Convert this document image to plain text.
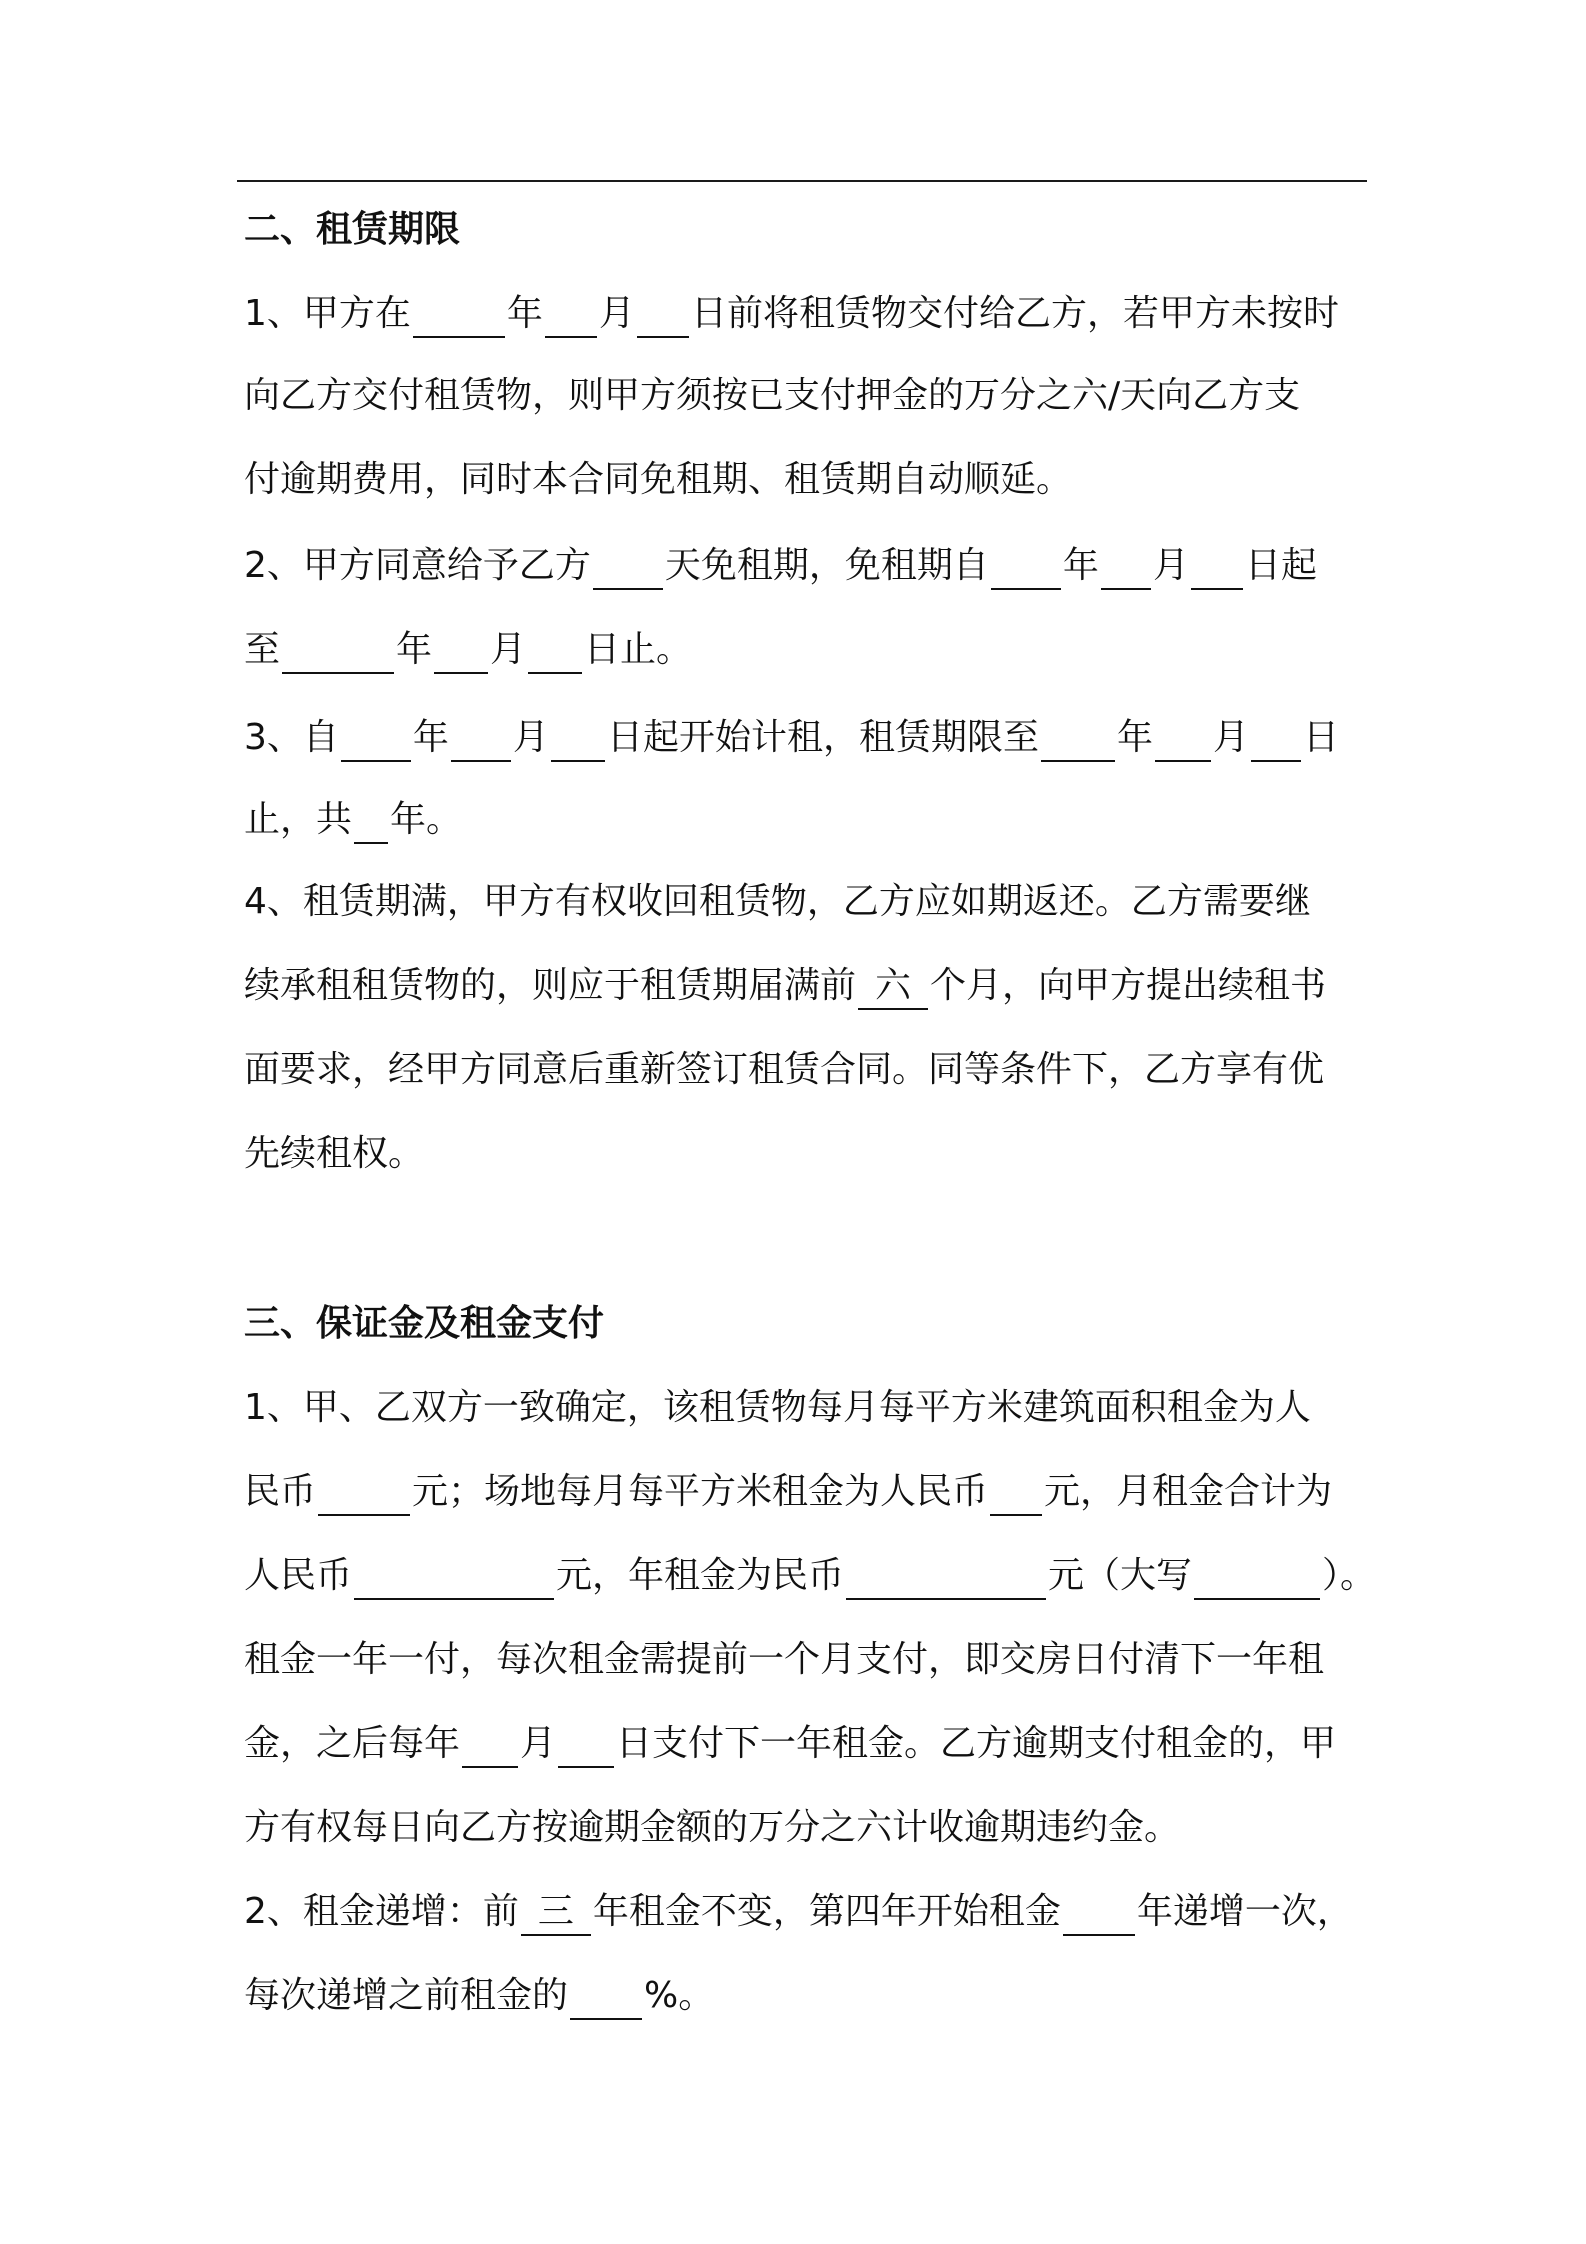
二、租赁期限
1、甲方在	年 月 日前将租赁物交付给乙方，若甲方未按时
向乙方交付租赁物，则甲方须按已支付押金的万分之六/天向乙方支
付逾期费用，同时本合同免租期、租赁期自动顺延。
2、甲方同意给予乙方 天免租期，免租期自 年 月 日起
至	年 月 日止。
3、自 年 月 日起开始计租，租赁期限至 年 月 日
止，共 年。
4、租赁期满，甲方有权收回租赁物，乙方应如期返还。乙方需要继
续承租租赁物的，则应于租赁期届满前 六 个月，向甲方提出续租书
面要求，经甲方同意后重新签订租赁合同。同等条件下，乙方享有优
先续租权。
三、保证金及租金支付
1、甲、乙双方一致确定，该租赁物每月每平方米建筑面积租金为人
民币	元；场地每月每平方米租金为人民币 元，月租金合计为
人民币	元，年租金为民币	元（大写	）。
租金一年一付，每次租金需提前一个月支付，即交房日付清下一年租
金，之后每年 月 日支付下一年租金。乙方逾期支付租金的，甲
方有权每日向乙方按逾期金额的万分之六计收逾期违约金。
2、租金递增：前 三 年租金不变，第四年开始租金 年递增一次，
每次递增之前租金的 %。
